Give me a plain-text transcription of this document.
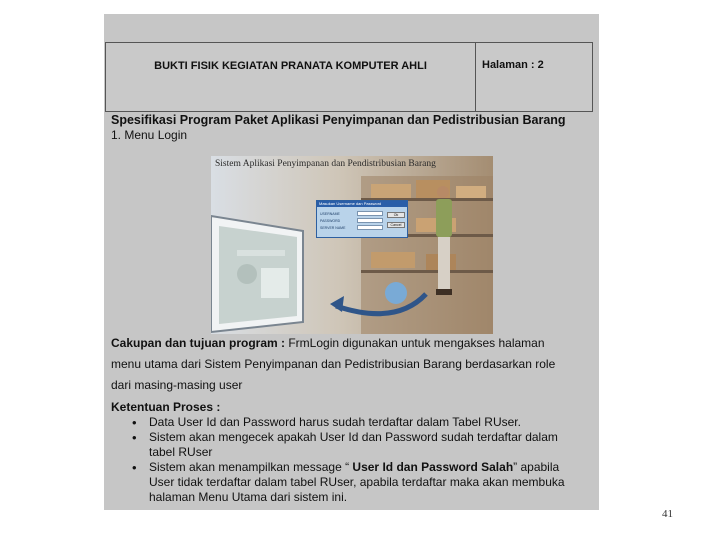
BUKTI FISIK KEGIATAN PRANATA KOMPUTER AHLI	Halaman : 2
Spesifikasi Program Paket Aplikasi Penyimpanan dan Pedistribusian Barang
1. Menu Login
Sistem Aplikasi Penyimpanan dan Pendistribusian Barang
Masukan Username dan Password
USERNAME
PASSWORD
SERVER NAME
Ok
Cancel
Cakupan dan tujuan program : FrmLogin digunakan untuk mengakses halaman
menu utama dari Sistem Penyimpanan dan Pedistribusian Barang berdasarkan role
dari masing-masing user
Ketentuan Proses :
• Data User Id dan Password harus sudah terdaftar dalam Tabel RUser.
• Sistem akan mengecek apakah User Id dan Password sudah terdaftar dalam
tabel RUser
• Sistem akan menampilkan message “ User Id dan Password Salah” apabila
User tidak terdaftar dalam tabel RUser, apabila terdaftar maka akan membuka
halaman Menu Utama dari sistem ini.
41
